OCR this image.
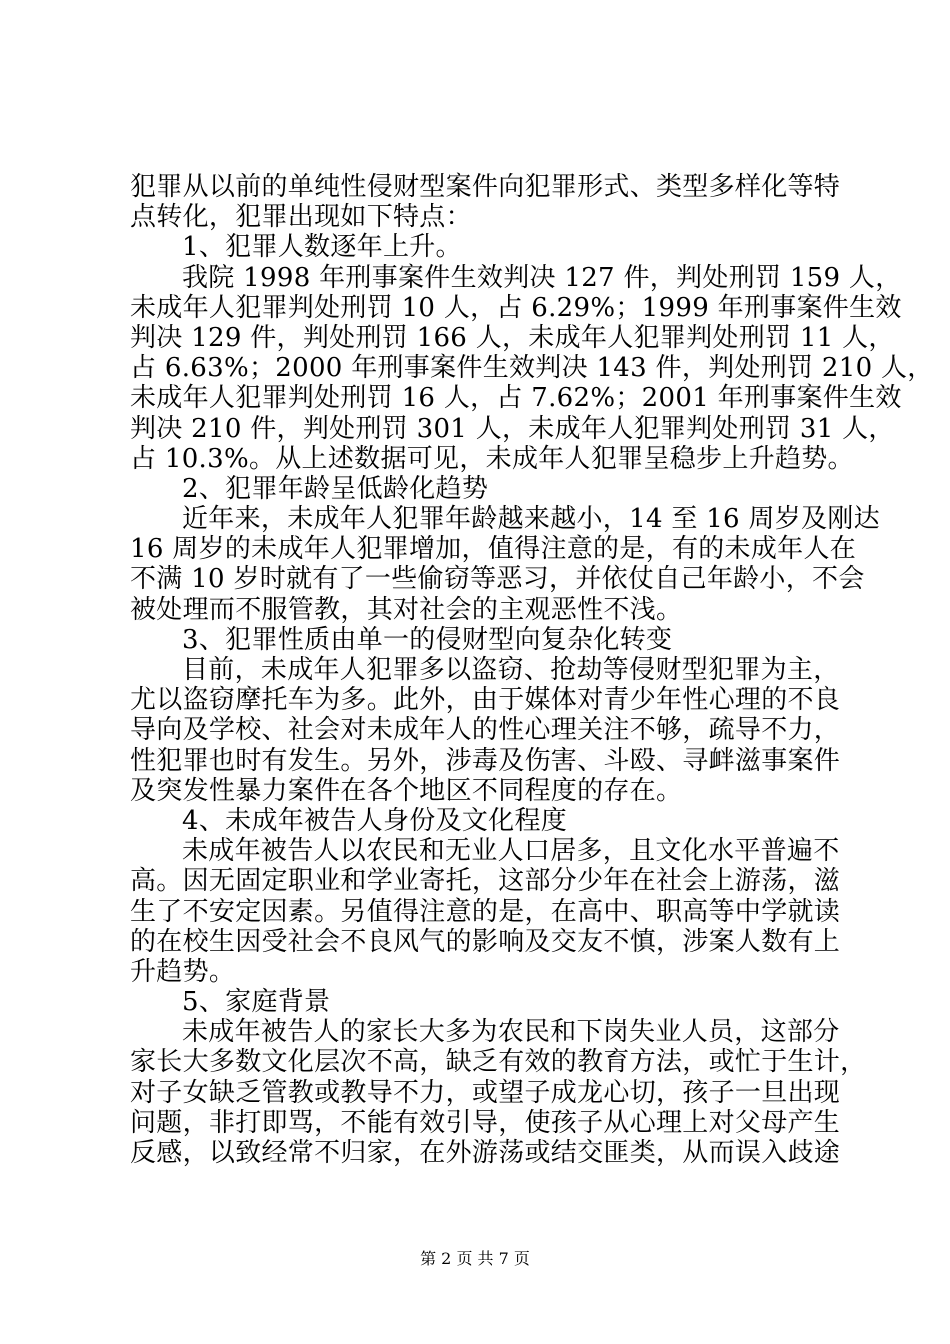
犯罪从以前的单纯性侵财型案件向犯罪形式、类型多样化等特
点转化，犯罪出现如下特点：
1、犯罪人数逐年上升。
我院 1998 年刑事案件生效判决 127 件，判处刑罚 159 人，
未成年人犯罪判处刑罚 10 人，占 6.29%；1999 年刑事案件生效
判决 129 件，判处刑罚 166 人，未成年人犯罪判处刑罚 11 人，
占 6.63%；2000 年刑事案件生效判决 143 件，判处刑罚 210 人，
未成年人犯罪判处刑罚 16 人，占 7.62%；2001 年刑事案件生效
判决 210 件，判处刑罚 301 人，未成年人犯罪判处刑罚 31 人，
占 10.3%。从上述数据可见，未成年人犯罪呈稳步上升趋势。
2、犯罪年龄呈低龄化趋势
近年来，未成年人犯罪年龄越来越小，14 至 16 周岁及刚达
16 周岁的未成年人犯罪增加，值得注意的是，有的未成年人在
不满 10 岁时就有了一些偷窃等恶习，并依仗自己年龄小，不会
被处理而不服管教，其对社会的主观恶性不浅。
3、犯罪性质由单一的侵财型向复杂化转变
目前，未成年人犯罪多以盗窃、抢劫等侵财型犯罪为主，
尤以盗窃摩托车为多。此外，由于媒体对青少年性心理的不良
导向及学校、社会对未成年人的性心理关注不够，疏导不力，
性犯罪也时有发生。另外，涉毒及伤害、斗殴、寻衅滋事案件
及突发性暴力案件在各个地区不同程度的存在。
4、未成年被告人身份及文化程度
未成年被告人以农民和无业人口居多，且文化水平普遍不
高。因无固定职业和学业寄托，这部分少年在社会上游荡，滋
生了不安定因素。另值得注意的是，在高中、职高等中学就读
的在校生因受社会不良风气的影响及交友不慎，涉案人数有上
升趋势。
5、家庭背景
未成年被告人的家长大多为农民和下岗失业人员，这部分
家长大多数文化层次不高，缺乏有效的教育方法，或忙于生计，
对子女缺乏管教或教导不力，或望子成龙心切，孩子一旦出现
问题，非打即骂，不能有效引导，使孩子从心理上对父母产生
反感，以致经常不归家，在外游荡或结交匪类，从而误入歧途
第 2 页 共 7 页
